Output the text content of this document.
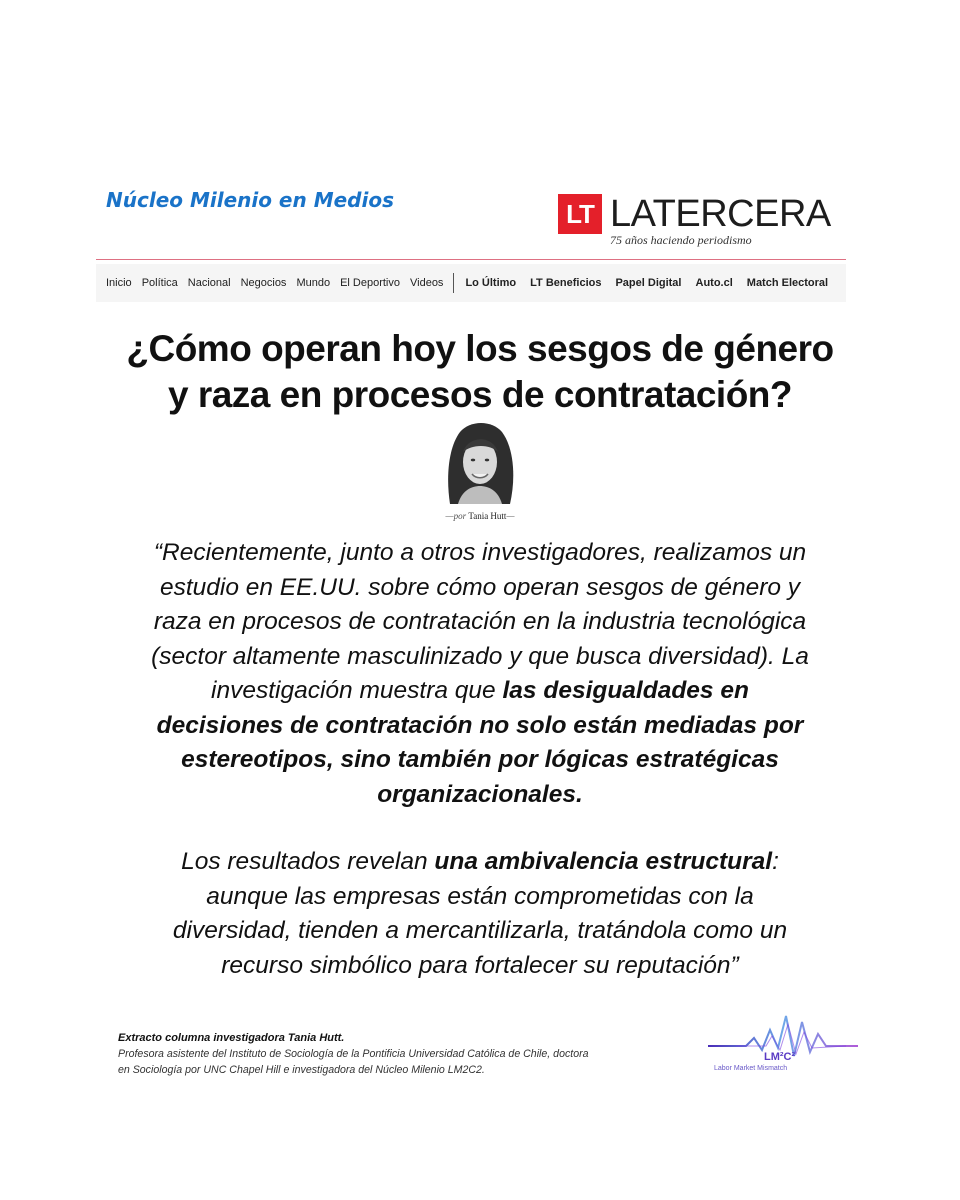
Núcleo Milenio en Medios	LT LATERCERA
75 años haciendo periodismo
Inicio Política Nacional Negocios Mundo El Deportivo Videos Lo Último LT Beneficios Papel Digital Auto.cl Match Electoral
¿Cómo operan hoy los sesgos de género
y raza en procesos de contratación?
—por Tania Hutt—
“Recientemente, junto a otros investigadores, realizamos un
estudio en EE.UU. sobre cómo operan sesgos de género y
raza en procesos de contratación en la industria tecnológica
(sector altamente masculinizado y que busca diversidad). La
investigación muestra que las desigualdades en
decisiones de contratación no solo están mediadas por
estereotipos, sino también por lógicas estratégicas
organizacionales.
Los resultados revelan una ambivalencia estructural:
aunque las empresas están comprometidas con la
diversidad, tienden a mercantilizarla, tratándola como un
recurso simbólico para fortalecer su reputación”
Extracto columna investigadora Tania Hutt.
Profesora asistente del Instituto de Sociología de la Pontificia Universidad Católica de Chile, doctora
en Sociología por UNC Chapel Hill e investigadora del Núcleo Milenio LM2C2.
LM²C²
Labor Market Mismatch
